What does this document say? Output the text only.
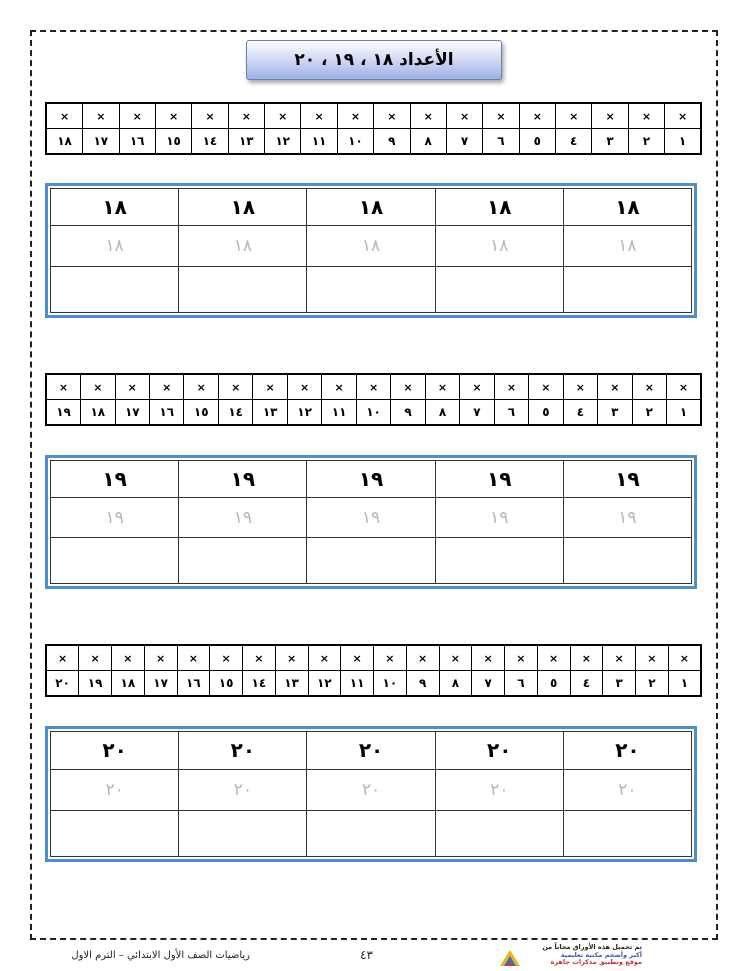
الأعداد ١٨ ، ١٩ ، ٢٠
×	×	×	×	×	×	×	×	×	×	×	×	×	×	×	×	×	×
١	٢	٣	٤	٥	٦	٧	٨	٩	١٠	١١	١٢	١٣	١٤	١٥	١٦	١٧	١٨
١٨	١٨	١٨	١٨	١٨
١٨	١٨	١٨	١٨	١٨

×	×	×	×	×	×	×	×	×	×	×	×	×	×	×	×	×	×	×
١	٢	٣	٤	٥	٦	٧	٨	٩	١٠	١١	١٢	١٣	١٤	١٥	١٦	١٧	١٨	١٩
١٩	١٩	١٩	١٩	١٩
١٩	١٩	١٩	١٩	١٩

×	×	×	×	×	×	×	×	×	×	×	×	×	×	×	×	×	×	×	×
١	٢	٣	٤	٥	٦	٧	٨	٩	١٠	١١	١٢	١٣	١٤	١٥	١٦	١٧	١٨	١٩	٢٠
٢٠	٢٠	٢٠	٢٠	٢٠
٢٠	٢٠	٢٠	٢٠	٢٠

رياضيات الصف الأول الابتدائي – الترم الاول	٤٣
تم تحميل هذه الأوراق مجاناً من
أكبر وأضخم مكتبة تعليمية
موقع وتطبيق مذكرات جاهزة
